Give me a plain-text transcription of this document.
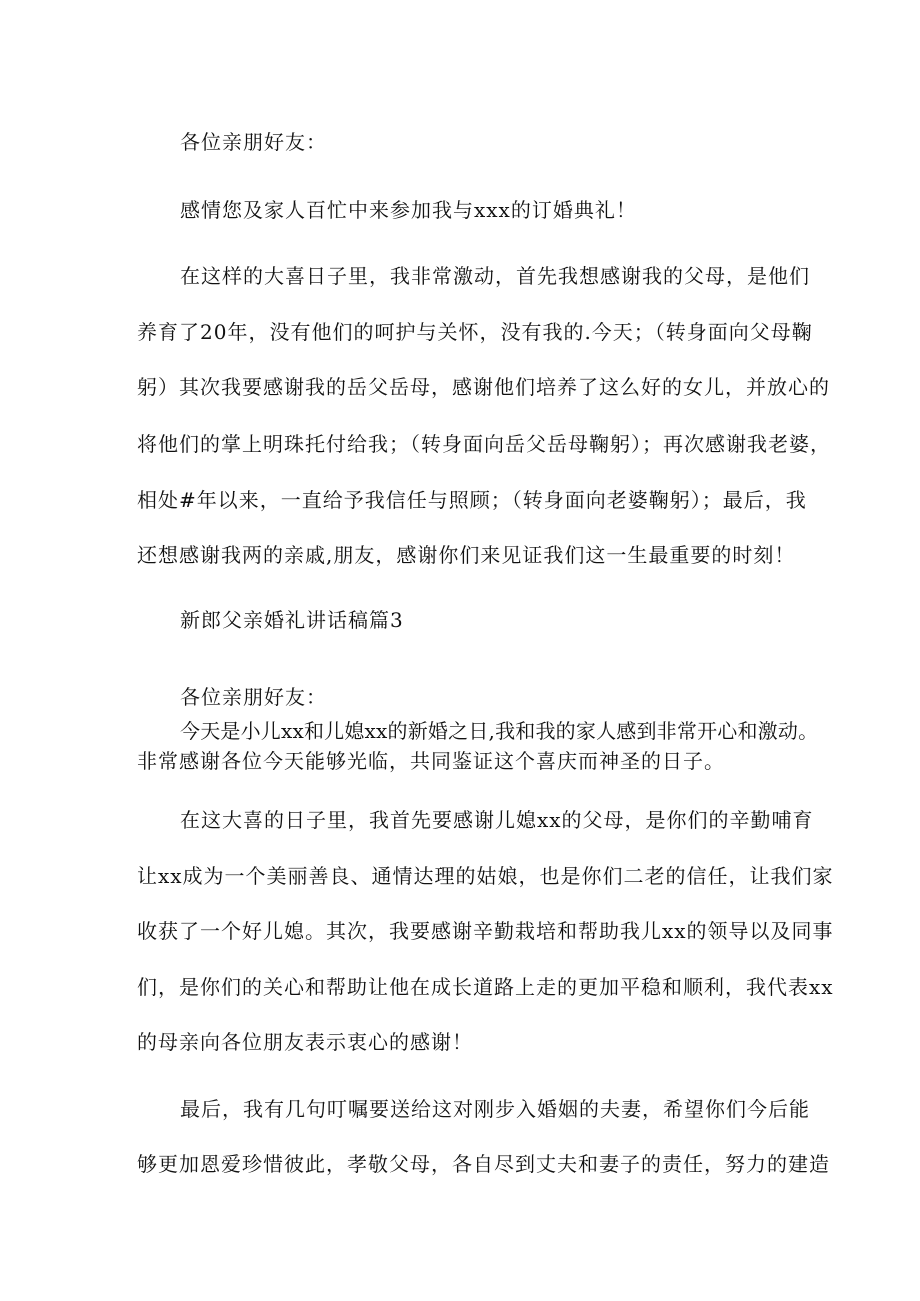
各位亲朋好友：

感情您及家人百忙中来参加我与xxx的订婚典礼！

在这样的大喜日子里，我非常激动，首先我想感谢我的父母，是他们

养育了20年，没有他们的呵护与关怀，没有我的.今天；（转身面向父母鞠

躬）其次我要感谢我的岳父岳母，感谢他们培养了这么好的女儿，并放心的

将他们的掌上明珠托付给我；（转身面向岳父岳母鞠躬）；再次感谢我老婆，

相处#年以来，一直给予我信任与照顾；（转身面向老婆鞠躬）；最后，我

还想感谢我两的亲戚,朋友，感谢你们来见证我们这一生最重要的时刻！

新郎父亲婚礼讲话稿篇3

各位亲朋好友：

今天是小儿xx和儿媳xx的新婚之日,我和我的家人感到非常开心和激动。

非常感谢各位今天能够光临，共同鉴证这个喜庆而神圣的日子。

在这大喜的日子里，我首先要感谢儿媳xx的父母，是你们的辛勤哺育

让xx成为一个美丽善良、通情达理的姑娘，也是你们二老的信任，让我们家

收获了一个好儿媳。其次，我要感谢辛勤栽培和帮助我儿xx的领导以及同事

们，是你们的关心和帮助让他在成长道路上走的更加平稳和顺利，我代表xx

的母亲向各位朋友表示衷心的感谢！

最后，我有几句叮嘱要送给这对刚步入婚姻的夫妻，希望你们今后能

够更加恩爱珍惜彼此，孝敬父母，各自尽到丈夫和妻子的责任，努力的建造
